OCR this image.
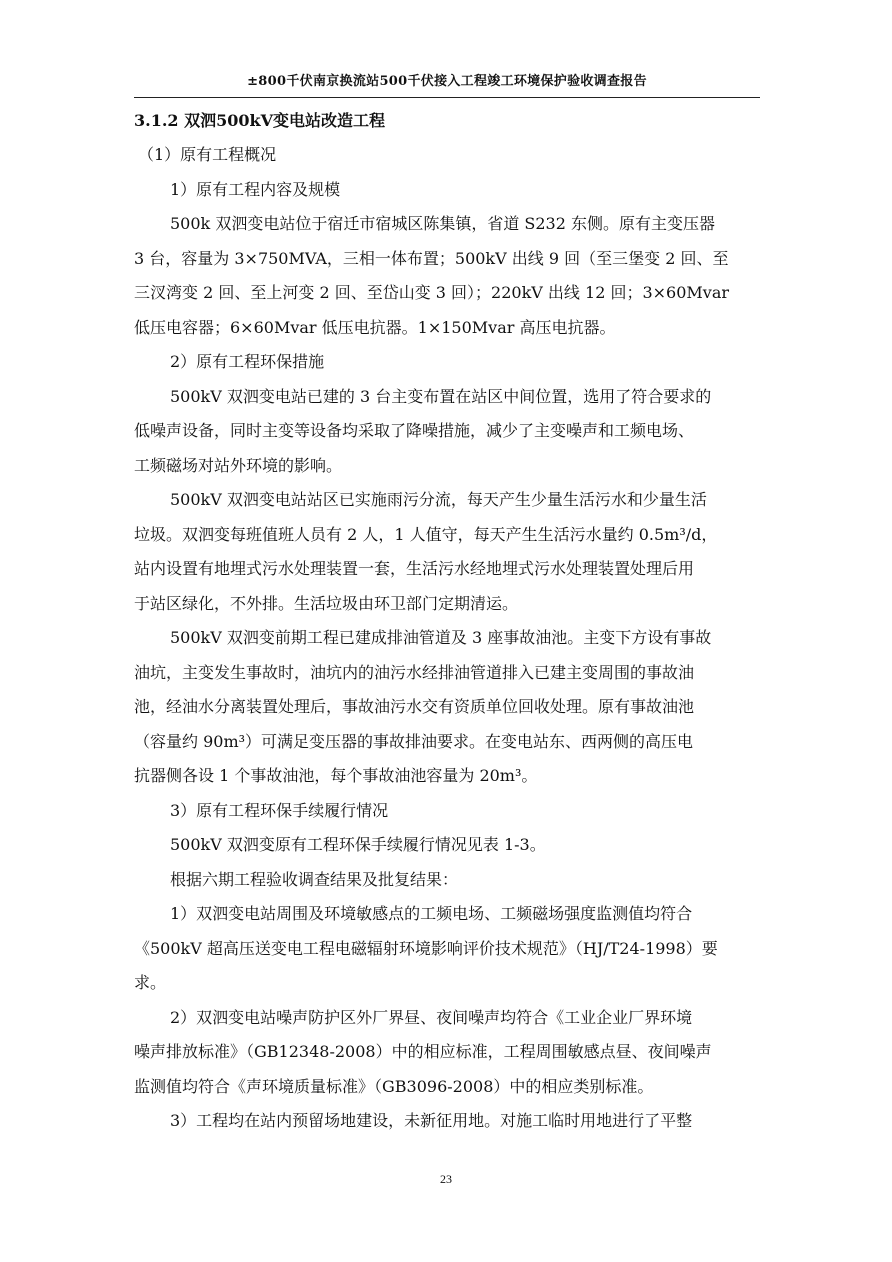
±800千伏南京换流站500千伏接入工程竣工环境保护验收调查报告
3.1.2 双泗500kV变电站改造工程
（1）原有工程概况
1）原有工程内容及规模
500k 双泗变电站位于宿迁市宿城区陈集镇，省道 S232 东侧。原有主变压器
3 台，容量为 3×750MVA，三相一体布置；500kV 出线 9 回（至三堡变 2 回、至
三汊湾变 2 回、至上河变 2 回、至岱山变 3 回）；220kV 出线 12 回；3×60Mvar
低压电容器；6×60Mvar 低压电抗器。1×150Mvar 高压电抗器。
2）原有工程环保措施
500kV 双泗变电站已建的 3 台主变布置在站区中间位置，选用了符合要求的
低噪声设备，同时主变等设备均采取了降噪措施，减少了主变噪声和工频电场、
工频磁场对站外环境的影响。
500kV 双泗变电站站区已实施雨污分流，每天产生少量生活污水和少量生活
垃圾。双泗变每班值班人员有 2 人，1 人值守，每天产生生活污水量约 0.5m³/d，
站内设置有地埋式污水处理装置一套，生活污水经地埋式污水处理装置处理后用
于站区绿化，不外排。生活垃圾由环卫部门定期清运。
500kV 双泗变前期工程已建成排油管道及 3 座事故油池。主变下方设有事故
油坑，主变发生事故时，油坑内的油污水经排油管道排入已建主变周围的事故油
池，经油水分离装置处理后，事故油污水交有资质单位回收处理。原有事故油池
（容量约 90m³）可满足变压器的事故排油要求。在变电站东、西两侧的高压电
抗器侧各设 1 个事故油池，每个事故油池容量为 20m³。
3）原有工程环保手续履行情况
500kV 双泗变原有工程环保手续履行情况见表 1-3。
根据六期工程验收调查结果及批复结果：
1）双泗变电站周围及环境敏感点的工频电场、工频磁场强度监测值均符合
《500kV 超高压送变电工程电磁辐射环境影响评价技术规范》（HJ/T24-1998）要
求。
2）双泗变电站噪声防护区外厂界昼、夜间噪声均符合《工业企业厂界环境
噪声排放标准》（GB12348-2008）中的相应标准，工程周围敏感点昼、夜间噪声
监测值均符合《声环境质量标准》（GB3096-2008）中的相应类别标准。
3）工程均在站内预留场地建设，未新征用地。对施工临时用地进行了平整
23
